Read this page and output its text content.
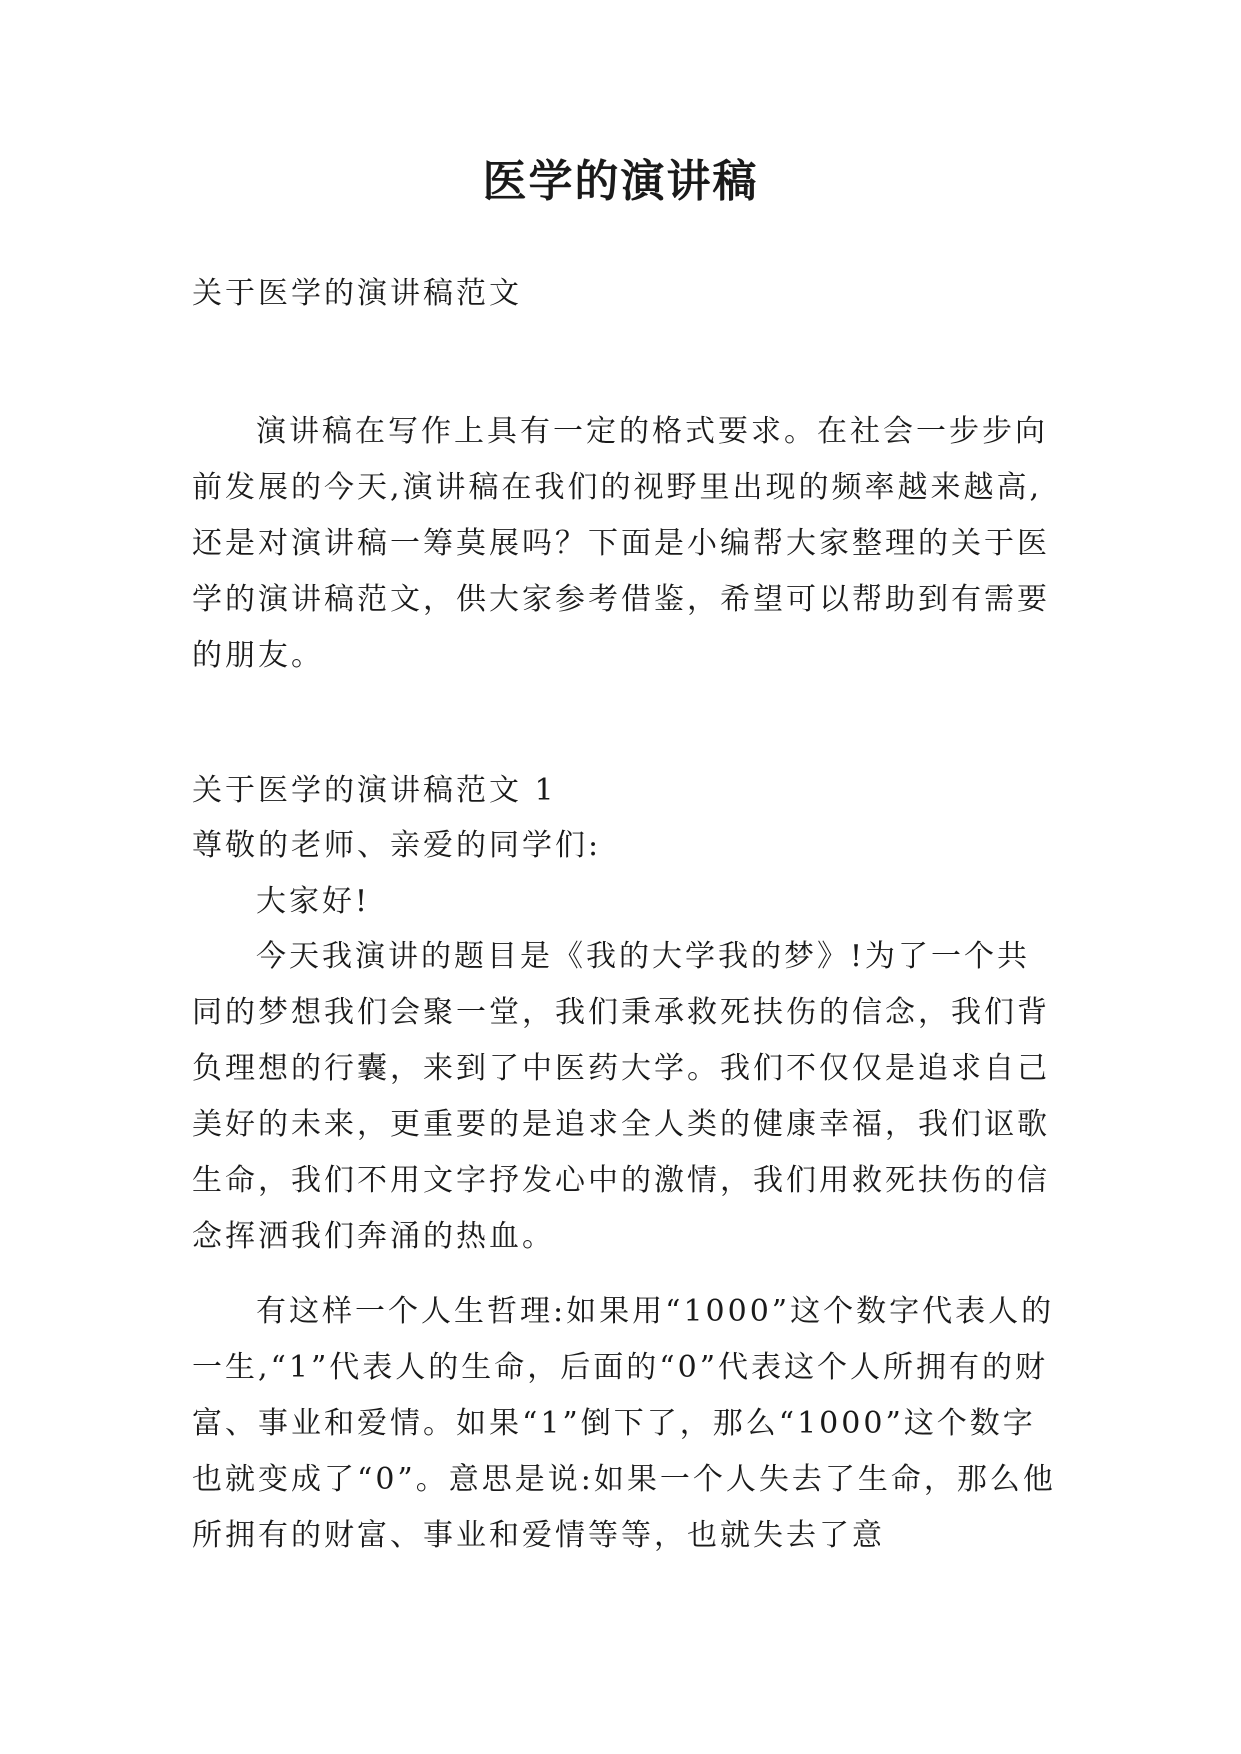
医学的演讲稿

关于医学的演讲稿范文

演讲稿在写作上具有一定的格式要求。在社会一步步向前发展的今天,演讲稿在我们的视野里出现的频率越来越高,还是对演讲稿一筹莫展吗？下面是小编帮大家整理的关于医学的演讲稿范文，供大家参考借鉴，希望可以帮助到有需要的朋友。

关于医学的演讲稿范文 1

尊敬的老师、亲爱的同学们:

大家好!

今天我演讲的题目是《我的大学我的梦》!为了一个共同的梦想我们会聚一堂，我们秉承救死扶伤的信念，我们背负理想的行囊，来到了中医药大学。我们不仅仅是追求自己美好的未来，更重要的是追求全人类的健康幸福，我们讴歌生命，我们不用文字抒发心中的激情，我们用救死扶伤的信念挥洒我们奔涌的热血。

有这样一个人生哲理:如果用“1000”这个数字代表人的一生,“1”代表人的生命，后面的“0”代表这个人所拥有的财富、事业和爱情。如果“1”倒下了，那么“1000”这个数字也就变成了“0”。意思是说:如果一个人失去了生命，那么他所拥有的财富、事业和爱情等等，也就失去了意
